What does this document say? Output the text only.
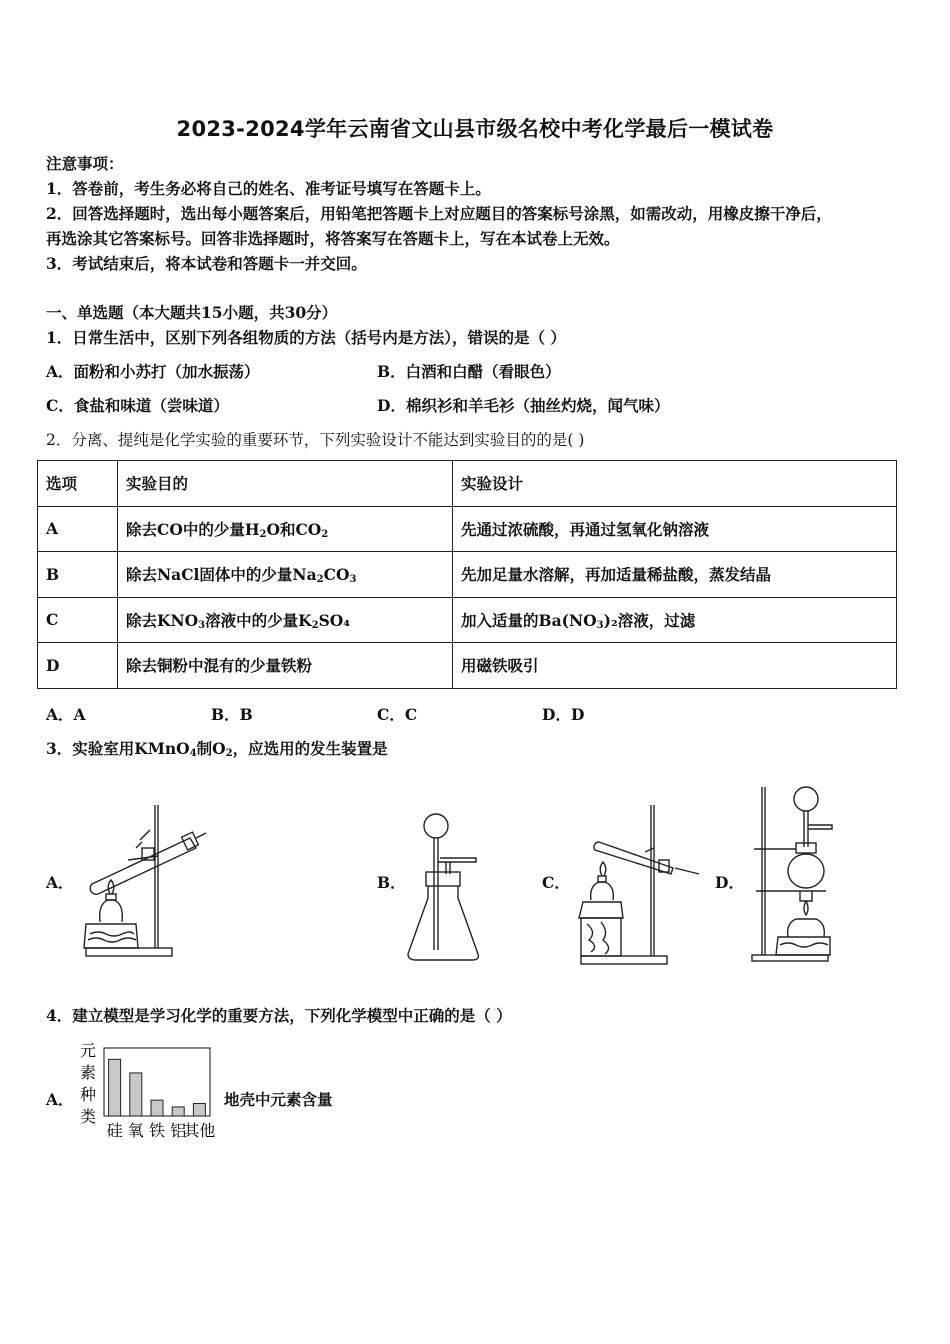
2023-2024学年云南省文山县市级名校中考化学最后一模试卷
注意事项：
1．答卷前，考生务必将自己的姓名、准考证号填写在答题卡上。
2．回答选择题时，选出每小题答案后，用铅笔把答题卡上对应题目的答案标号涂黑，如需改动，用橡皮擦干净后，
再选涂其它答案标号。回答非选择题时，将答案写在答题卡上，写在本试卷上无效。
3．考试结束后，将本试卷和答题卡一并交回。
一、单选题（本大题共15小题，共30分）
1．日常生活中，区别下列各组物质的方法（括号内是方法），错误的是（ ）
A．面粉和小苏打（加水振荡）	B．白酒和白醋（看眼色）
C．食盐和味道（尝味道）	D．棉织衫和羊毛衫（抽丝灼烧，闻气味）
2．分离、提纯是化学实验的重要环节，下列实验设计不能达到实验目的的是( )
选项	实验目的	实验设计
A	除去CO中的少量$H_2O$和$CO_2$	先通过浓硫酸，再通过氢氧化钠溶液
B	除去NaCl固体中的少量$Na_2CO_3$	先加足量水溶解，再加适量稀盐酸，蒸发结晶
C	除去$KNO_3$溶液中的少量$K_2SO_4$	加入适量的$Ba(NO_3)_2$溶液，过滤
D	除去铜粉中混有的少量铁粉	用磁铁吸引
A．A	B．B	C．C	D．D
3．实验室用KMnO$_4$制$O_2$，应选用的发生装置是
A．	B．	C．	D．
4．建立模型是学习化学的重要方法，下列化学模型中正确的是（ ）
A．
元
素
种
类
硅 氧 铁 铝
其他
地壳中元素含量
